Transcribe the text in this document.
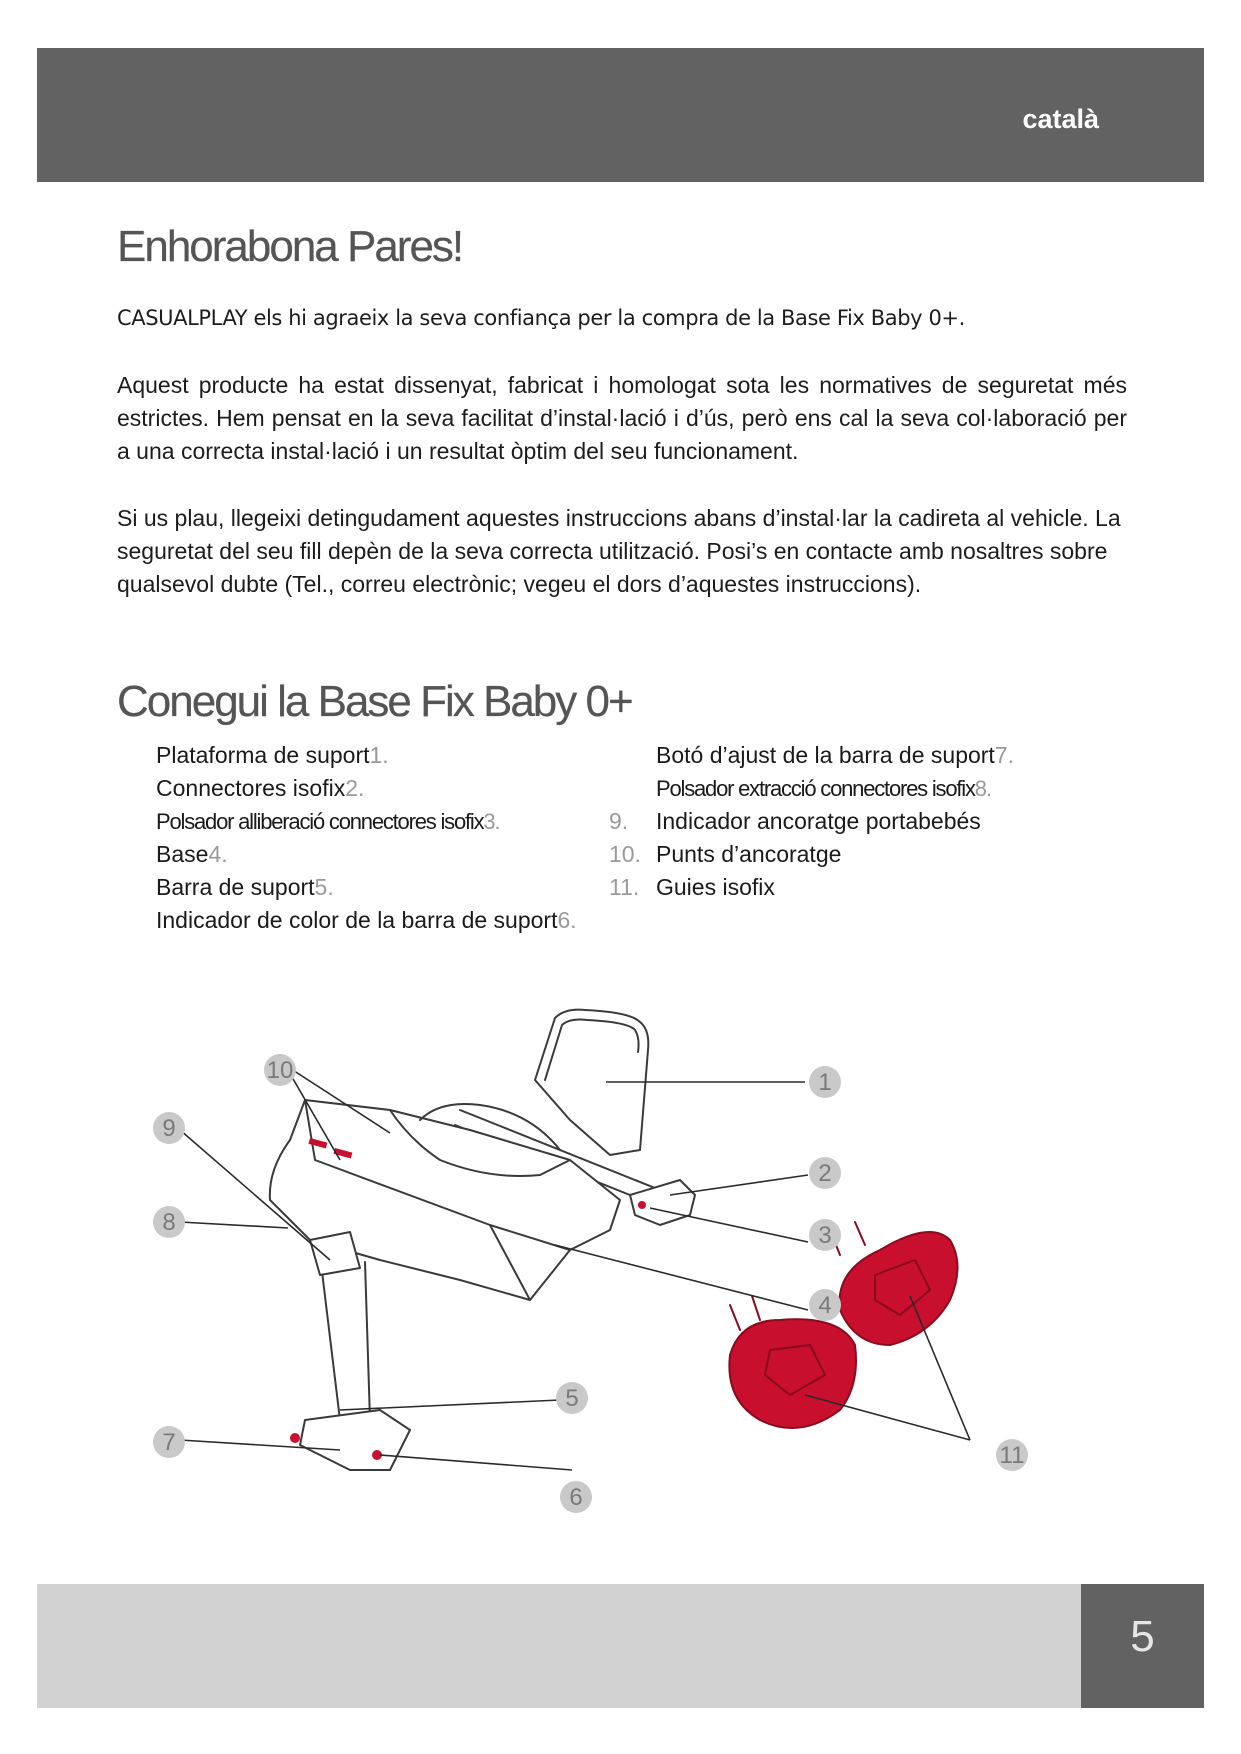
català
Enhorabona Pares!

CASUALPLAY els hi agraeix la seva confiança per la compra de la Base Fix Baby 0+.

Aquest producte ha estat dissenyat, fabricat i homologat sota les normatives de seguretat més estrictes. Hem pensat en la seva facilitat d’instal·lació i d’ús, però ens cal la seva col·laboració per a una correcta instal·lació i un resultat òptim del seu funcionament.

Si us plau, llegeixi detingudament aquestes instruccions abans d’instal·lar la cadireta al vehicle. La seguretat del seu fill depèn de la seva correcta utilització. Posi’s en contacte amb nosaltres sobre qualsevol dubte (Tel., correu electrònic; vegeu el dors d’aquestes instruccions).

Conegui la Base Fix Baby 0+
Plataforma de suport1.
Connectores isofix2.
Polsador alliberació connectores isofix3.
Base4.
Barra de suport5.
Indicador de color de la barra de suport6.
Botó d’ajust de la barra de suport7.
Polsador extracció connectores isofix8.
9.	Indicador ancoratge portabebés
10. Punts d’ancoratge
11. Guies isofix
1
2
3
4
5
6
7
8
9
10
11
5
